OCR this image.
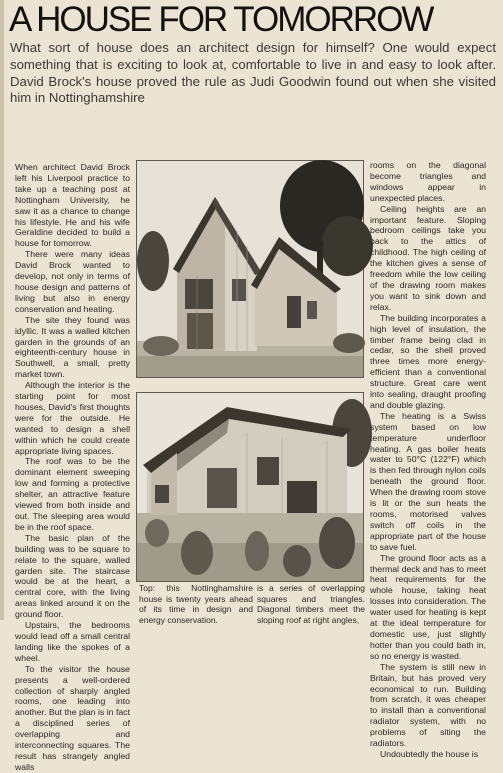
A HOUSE FOR TOMORROW
What sort of house does an architect design for himself? One would expect something that is exciting to look at, comfortable to live in and easy to look after. David Brock's house proved the rule as Judi Goodwin found out when she visited him in Nottinghamshire

When architect David Brock left his Liverpool practice to take up a teaching post at Nottingham University, he saw it as a chance to change his lifestyle. He and his wife Geraldine decided to build a house for tomorrow.

There were many ideas David Brock wanted to develop, not only in terms of house design and patterns of living but also in energy conservation and heating.

The site they found was idyllic. It was a walled kitchen garden in the grounds of an eighteenth-century house in Southwell, a small, pretty market town.

Although the interior is the starting point for most houses, David's first thoughts were for the outside. He wanted to design a shell within which he could create appropriate living spaces.

The roof was to be the dominant element sweeping low and forming a protective shelter, an attractive feature viewed from both inside and out. The sleeping area would be in the roof space.

The basic plan of the building was to be square to relate to the square, walled garden site. The staircase would be at the heart, a central core, with the living areas linked around it on the ground floor.

Upstairs, the bedrooms would lead off a small central landing like the spokes of a wheel.

To the visitor the house presents a well-ordered collection of sharply angled rooms, one leading into another. But the plan is in fact a disciplined series of overlapping and interconnecting squares. The result has strangely angled walls

Top: this Nottinghamshire house is twenty years ahead of its time in design and energy conservation.

is a series of overlapping squares and triangles. Diagonal timbers meet the sloping roof at right angles,

rooms on the diagonal become triangles and windows appear in unexpected places.

Ceiling heights are an important feature. Sloping bedroom ceilings take you back to the attics of childhood. The high ceiling of the kitchen gives a sense of freedom while the low ceiling of the drawing room makes you want to sink down and relax.

The building incorporates a high level of insulation, the timber frame being clad in cedar, so the shell proved three times more energy-efficient than a conventional structure. Great care went into sealing, draught proofing and double glazing.

The heating is a Swiss system based on low temperature underfloor heating. A gas boiler heats water to 50°C (122°F) which is then fed through nylon coils beneath the ground floor. When the drawing room stove is lit or the sun heats the rooms, motorised valves switch off coils in the appropriate part of the house to save fuel.

The ground floor acts as a thermal deck and has to meet heat requirements for the whole house, taking heat losses into consideration. The water used for heating is kept at the ideal temperature for domestic use, just slightly hotter than you could bath in, so no energy is wasted.

The system is still new in Britain, but has proved very economical to run. Building from scratch, it was cheaper to install than a conventional radiator system, with no problems of siting the radiators.

Undoubtedly the house is
